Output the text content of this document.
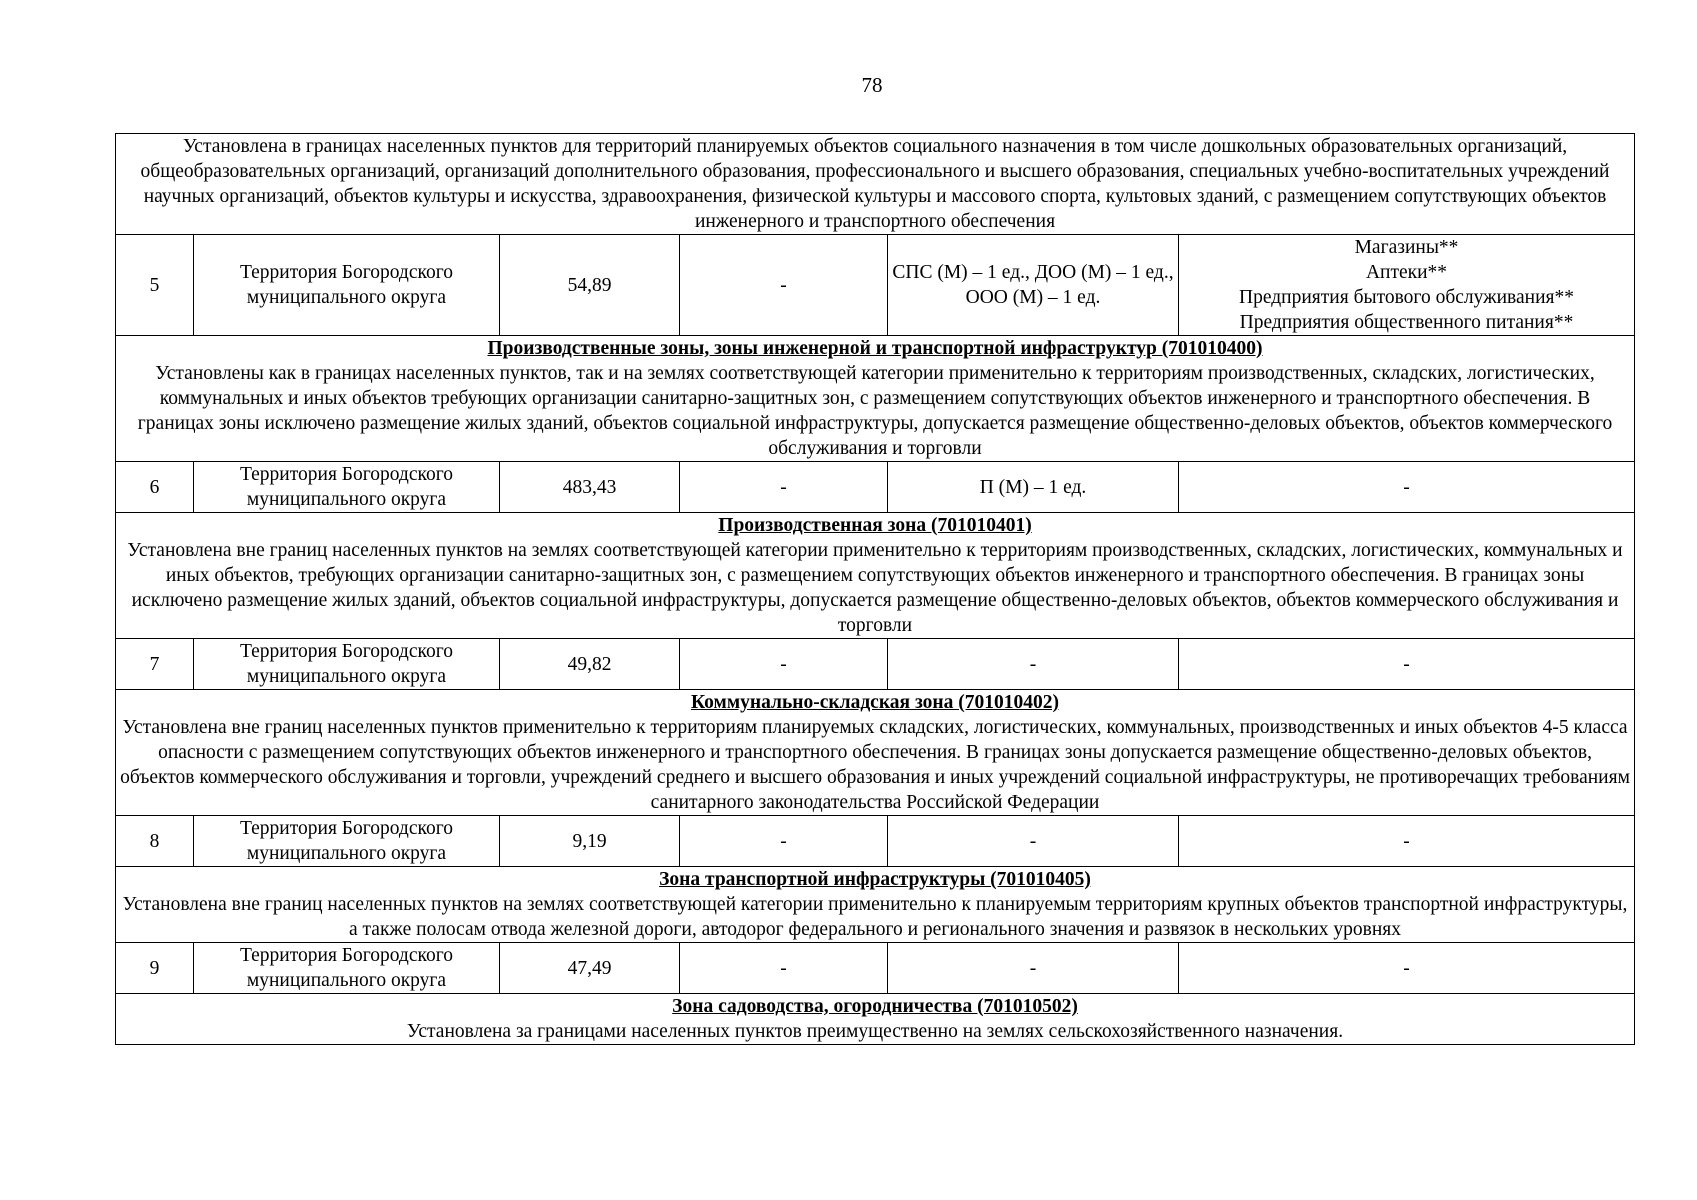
78
Установлена в границах населенных пунктов для территорий планируемых объектов социального назначения в том числе дошкольных образовательных организаций, общеобразовательных организаций, организаций дополнительного образования, профессионального и высшего образования, специальных учебно-воспитательных учреждений научных организаций, объектов культуры и искусства, здравоохранения, физической культуры и массового спорта, культовых зданий, с размещением сопутствующих объектов инженерного и транспортного обеспечения					

5	Территория Богородского муниципального округа	54,89	-	СПС (М) – 1 ед., ДОО (М) – 1 ед., ООО (М) – 1 ед.	Магазины**
Аптеки**
Предприятия бытового обслуживания**
Предприятия общественного питания**

Производственные зоны, зоны инженерной и транспортной инфраструктур (701010400)
Установлены как в границах населенных пунктов, так и на землях соответствующей категории применительно к территориям производственных, складских, логистических, коммунальных и иных объектов требующих организации санитарно-защитных зон, с размещением сопутствующих объектов инженерного и транспортного обеспечения. В границах зоны исключено размещение жилых зданий, объектов социальной инфраструктуры, допускается размещение общественно-деловых объектов, объектов коммерческого обслуживания и торговли					

6	Территория Богородского муниципального округа	483,43	-	П (М) – 1 ед.	-

Производственная зона (701010401)
Установлена вне границ населенных пунктов на землях соответствующей категории применительно к территориям производственных, складских, логистических, коммунальных и иных объектов, требующих организации санитарно-защитных зон, с размещением сопутствующих объектов инженерного и транспортного обеспечения. В границах зоны исключено размещение жилых зданий, объектов социальной инфраструктуры, допускается размещение общественно-деловых объектов, объектов коммерческого обслуживания и торговли					

7	Территория Богородского муниципального округа	49,82	-	-	-

Коммунально-складская зона (701010402)
Установлена вне границ населенных пунктов применительно к территориям планируемых складских, логистических, коммунальных, производственных и иных объектов 4-5 класса опасности с размещением сопутствующих объектов инженерного и транспортного обеспечения. В границах зоны допускается размещение общественно-деловых объектов, объектов коммерческого обслуживания и торговли, учреждений среднего и высшего образования и иных учреждений социальной инфраструктуры, не противоречащих требованиям санитарного законодательства Российской Федерации					

8	Территория Богородского муниципального округа	9,19	-	-	-

Зона транспортной инфраструктуры (701010405)
Установлена вне границ населенных пунктов на землях соответствующей категории применительно к планируемым территориям крупных объектов транспортной инфраструктуры, а также полосам отвода железной дороги, автодорог федерального и регионального значения и развязок в нескольких уровнях					

9	Территория Богородского муниципального округа	47,49	-	-	-

Зона садоводства, огородничества (701010502)
Установлена за границами населенных пунктов преимущественно на землях сельскохозяйственного назначения.					
